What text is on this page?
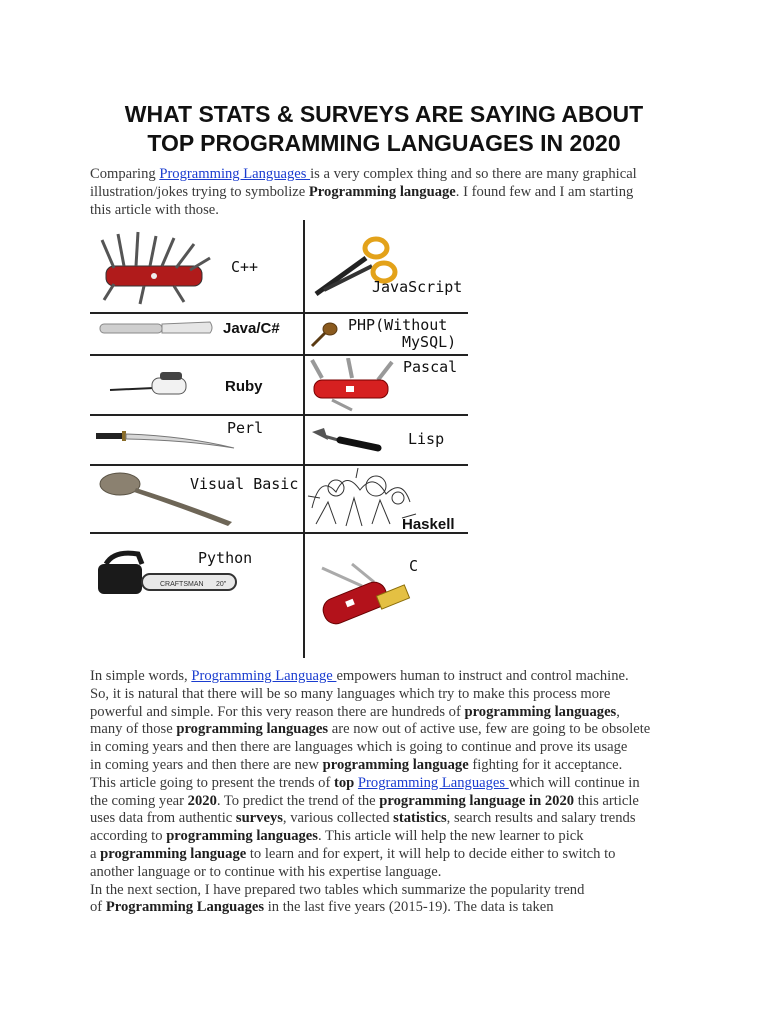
WHAT STATS & SURVEYS ARE SAYING ABOUT
TOP PROGRAMMING LANGUAGES IN 2020
Comparing Programming Languages is a very complex thing and so there are many graphical
illustration/jokes trying to symbolize Programming language. I found few and I am starting
this article with those.
C++
JavaScript
Java/C#	PHP(Without
MySQL)
Ruby
Pascal
Perl
Lisp
Visual Basic
Haskell
CRAFTSMAN 20"
Python	C
In simple words, Programming Language empowers human to instruct and control machine.
So, it is natural that there will be so many languages which try to make this process more
powerful and simple. For this very reason there are hundreds of programming languages,
many of those programming languages are now out of active use, few are going to be obsolete
in coming years and then there are languages which is going to continue and prove its usage
in coming years and then there are new programming language fighting for it acceptance.
This article going to present the trends of top Programming Languages which will continue in
the coming year 2020. To predict the trend of the programming language in 2020 this article
uses data from authentic surveys, various collected statistics, search results and salary trends
according to programming languages. This article will help the new learner to pick
a programming language to learn and for expert, it will help to decide either to switch to
another language or to continue with his expertise language.
In the next section, I have prepared two tables which summarize the popularity trend
of Programming Languages in the last five years (2015-19). The data is taken
